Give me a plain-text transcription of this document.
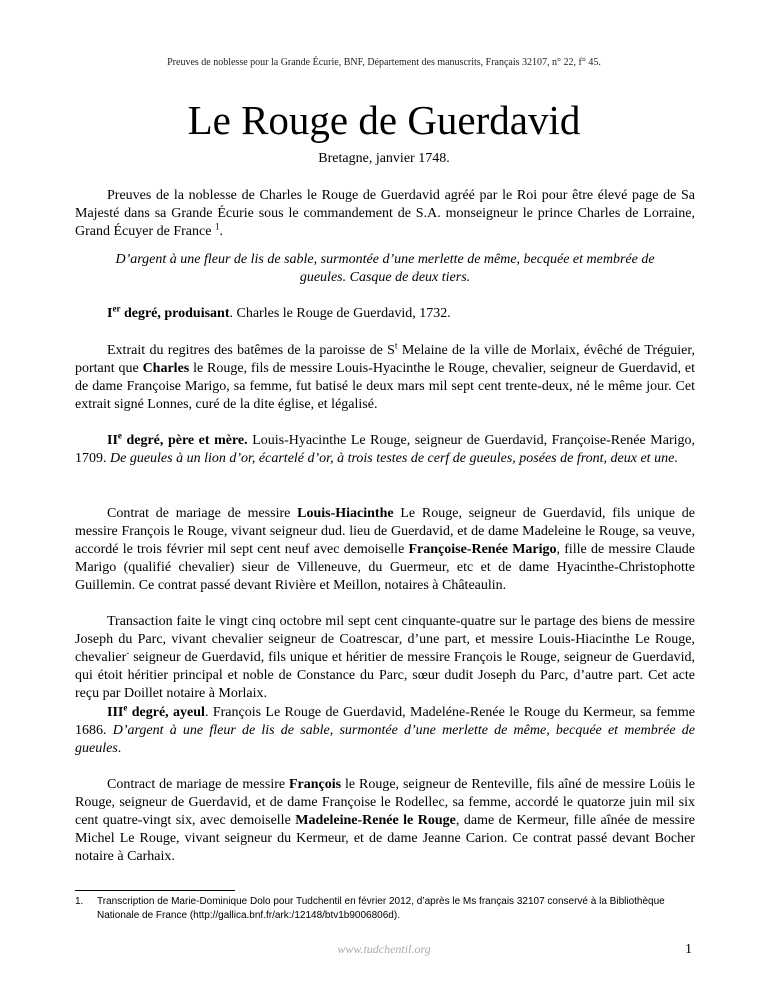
Preuves de noblesse pour la Grande Écurie, BNF, Département des manuscrits, Français 32107, n° 22, f° 45.
Le Rouge de Guerdavid
Bretagne, janvier 1748.

Preuves de la noblesse de Charles le Rouge de Guerdavid agréé par le Roi pour être élevé page de Sa Majesté dans sa Grande Écurie sous le commandement de S.A. monseigneur le prince Charles de Lorraine, Grand Écuyer de France $^1$.

D’argent à une fleur de lis de sable, surmontée d’une merlette de même, becquée et membrée de gueules. Casque de deux tiers.

Ier degré, produisant. Charles le Rouge de Guerdavid, 1732.

Extrait du regitres des batêmes de la paroisse de $S^t$ Melaine de la ville de Morlaix, évêché de Tréguier, portant que Charles le Rouge, fils de messire Louis-Hyacinthe le Rouge, chevalier, seigneur de Guerdavid, et de dame Françoise Marigo, sa femme, fut batisé le deux mars mil sept cent trente-deux, né le même jour. Cet extrait signé Lonnes, curé de la dite église, et légalisé.

IIe degré, père et mère. Louis-Hyacinthe Le Rouge, seigneur de Guerdavid, Françoise-Renée Marigo, 1709. De gueules à un lion d’or, écartelé d’or, à trois testes de cerf de gueules, posées de front, deux et une.

Contrat de mariage de messire Louis-Hiacinthe Le Rouge, seigneur de Guerdavid, fils unique de messire François le Rouge, vivant seigneur dud. lieu de Guerdavid, et de dame Madeleine le Rouge, sa veuve, accordé le trois février mil sept cent neuf avec demoiselle Françoise-Renée Marigo, fille de messire Claude Marigo (qualifié chevalier) sieur de Villeneuve, du Guermeur, etc et de dame Hyacinthe-Christophotte Guillemin. Ce contrat passé devant Rivière et Meillon, notaires à Châteaulin.

Transaction faite le vingt cinq octobre mil sept cent cinquante-quatre sur le partage des biens de messire Joseph du Parc, vivant chevalier seigneur de Coatrescar, d’une part, et messire Louis-Hiacinthe Le Rouge, chevalier- seigneur de Guerdavid, fils unique et héritier de messire François le Rouge, seigneur de Guerdavid, qui étoit héritier principal et noble de Constance du Parc, sœur dudit Joseph du Parc, d’autre part. Cet acte reçu par Doillet notaire à Morlaix.

IIIe degré, ayeul. François Le Rouge de Guerdavid, Madeléne-Renée le Rouge du Kermeur, sa femme 1686. D’argent à une fleur de lis de sable, surmontée d’une merlette de même, becquée et membrée de gueules.

Contract de mariage de messire François le Rouge, seigneur de Renteville, fils aîné de messire Loüis le Rouge, seigneur de Guerdavid, et de dame Françoise le Rodellec, sa femme, accordé le quatorze juin mil six cent quatre-vingt six, avec demoiselle Madeleine-Renée le Rouge, dame de Kermeur, fille aînée de messire Michel Le Rouge, vivant seigneur du Kermeur, et de dame Jeanne Carion. Ce contrat passé devant Bocher notaire à Carhaix.

1. Transcription de Marie-Dominique Dolo pour Tudchentil en février 2012, d’après le Ms français 32107 conservé à la Bibliothèque Nationale de France (http://gallica.bnf.fr/ark:/12148/btv1b9006806d).
www.tudchentil.org	1
